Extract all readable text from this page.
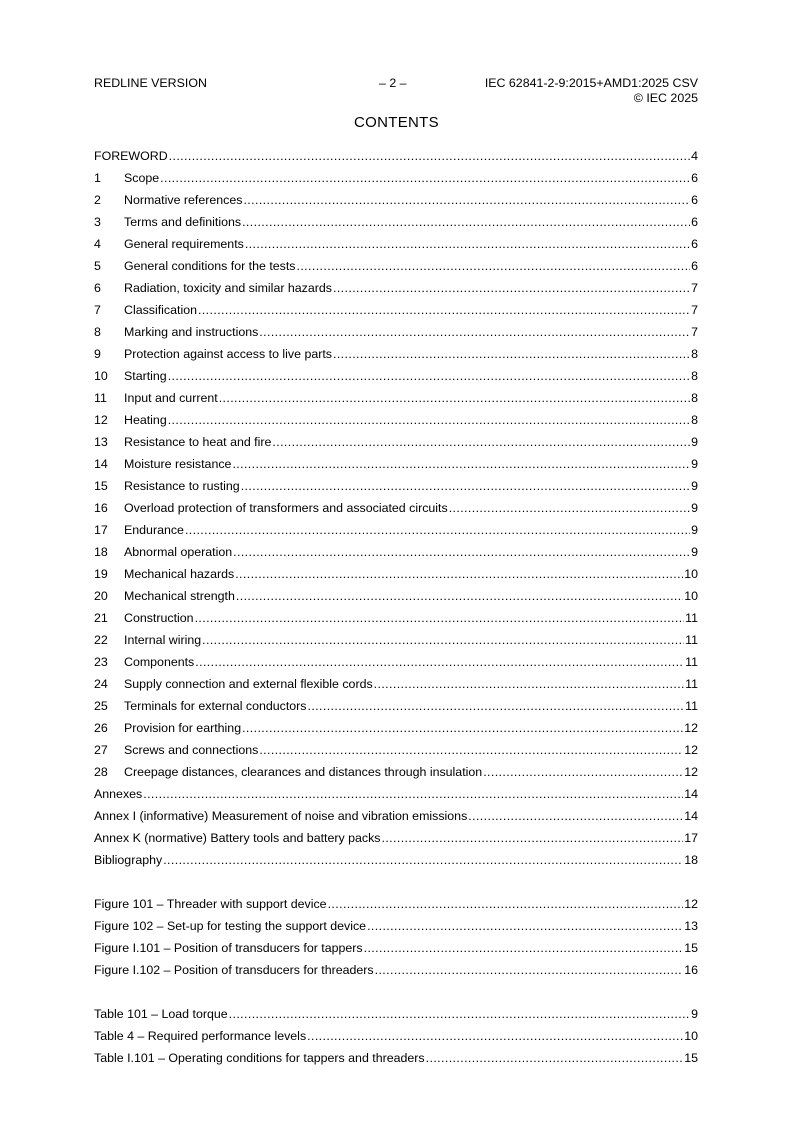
REDLINE VERSION	– 2 –	IEC 62841-2-9:2015+AMD1:2025 CSV
© IEC 2025
CONTENTS
FOREWORD .....	4
1	Scope .....	6
2	Normative references .....	6
3	Terms and definitions .....	6
4	General requirements .....	6
5	General conditions for the tests .....	6
6	Radiation, toxicity and similar hazards .....	7
7	Classification .....	7
8	Marking and instructions .....	7
9	Protection against access to live parts .....	8
10	Starting .....	8
11	Input and current .....	8
12	Heating .....	8
13	Resistance to heat and fire .....	9
14	Moisture resistance .....	9
15	Resistance to rusting .....	9
16	Overload protection of transformers and associated circuits .....	9
17	Endurance .....	9
18	Abnormal operation .....	9
19	Mechanical hazards .....	10
20	Mechanical strength .....	10
21	Construction .....	11
22	Internal wiring .....	11
23	Components .....	11
24	Supply connection and external flexible cords .....	11
25	Terminals for external conductors .....	11
26	Provision for earthing .....	12
27	Screws and connections .....	12
28	Creepage distances, clearances and distances through insulation .....	12
Annexes .....	14
Annex I (informative) Measurement of noise and vibration emissions .....	14
Annex K (normative) Battery tools and battery packs .....	17
Bibliography .....	18
Figure 101 – Threader with support device .....	12
Figure 102 – Set-up for testing the support device .....	13
Figure I.101 – Position of transducers for tappers .....	15
Figure I.102 – Position of transducers for threaders .....	16
Table 101 – Load torque .....	9
Table 4 – Required performance levels .....	10
Table I.101 – Operating conditions for tappers and threaders .....	15
